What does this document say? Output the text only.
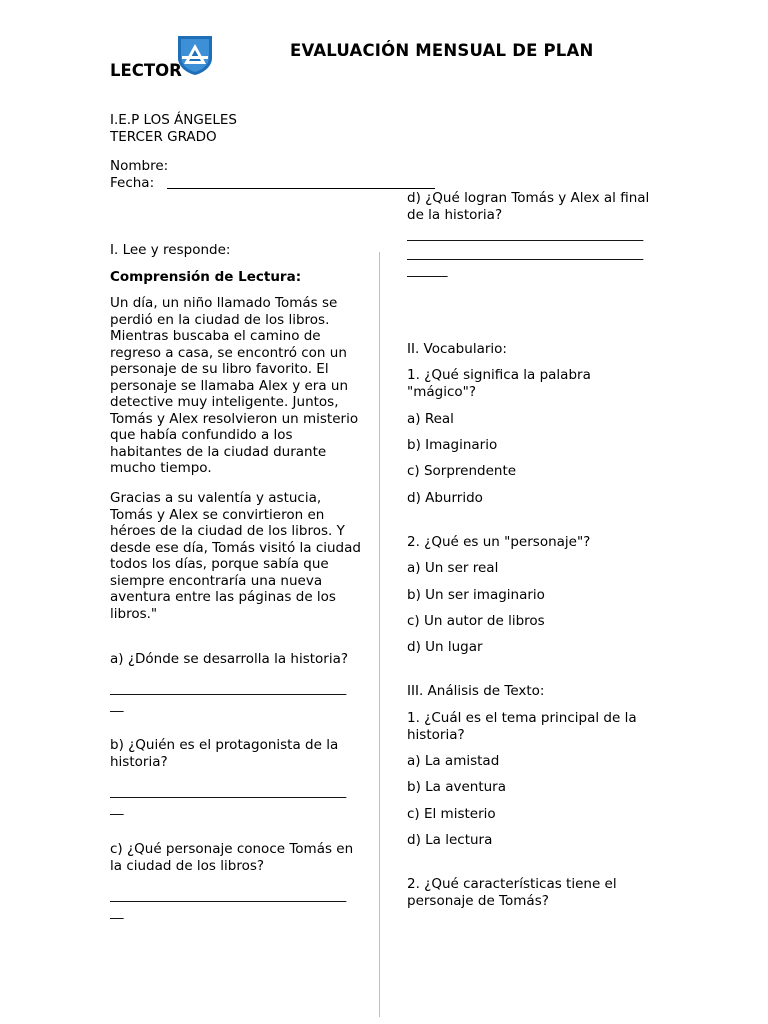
EVALUACIÓN MENSUAL DE PLAN
LECTOR
I.E.P LOS ÁNGELES
TERCER GRADO
Nombre:
Fecha:

I. Lee y responde:

Comprensión de Lectura:
Un día, un niño llamado Tomás se perdió en la ciudad de los libros. Mientras buscaba el camino de regreso a casa, se encontró con un personaje de su libro favorito. El personaje se llamaba Alex y era un detective muy inteligente. Juntos, Tomás y Alex resolvieron un misterio que había confundido a los habitantes de la ciudad durante mucho tiempo.
Gracias a su valentía y astucia, Tomás y Alex se convirtieron en héroes de la ciudad de los libros. Y desde ese día, Tomás visitó la ciudad todos los días, porque sabía que siempre encontraría una nueva aventura entre las páginas de los libros."
a) ¿Dónde se desarrolla la historia?
___________________________________
__
b) ¿Quién es el protagonista de la historia?
___________________________________
__
c) ¿Qué personaje conoce Tomás en la ciudad de los libros?
___________________________________
__
d) ¿Qué logran Tomás y Alex al final de la historia?
___________________________________
___________________________________
______
II. Vocabulario:
1. ¿Qué significa la palabra "mágico"?
a) Real
b) Imaginario
c) Sorprendente
d) Aburrido
2. ¿Qué es un "personaje"?
a) Un ser real
b) Un ser imaginario
c) Un autor de libros
d) Un lugar
III. Análisis de Texto:
1. ¿Cuál es el tema principal de la historia?
a) La amistad
b) La aventura
c) El misterio
d) La lectura
2. ¿Qué características tiene el personaje de Tomás?
